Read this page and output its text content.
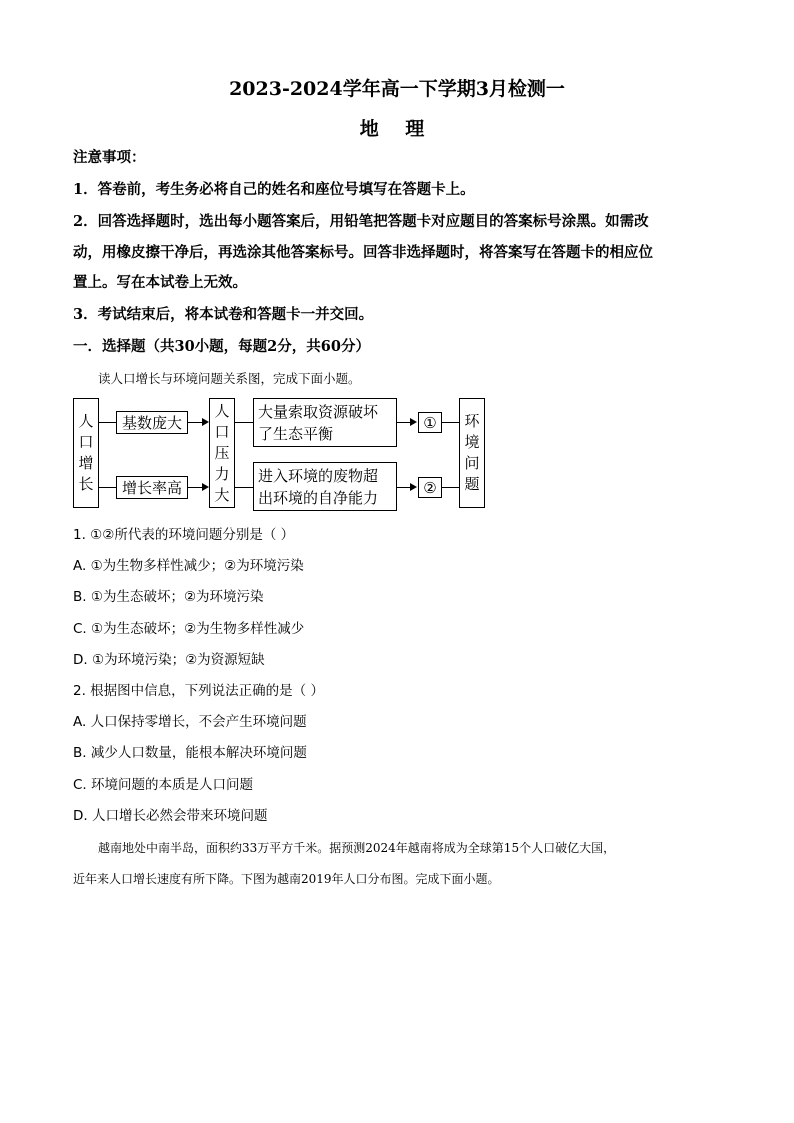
2023-2024学年高一下学期3月检测一
地 理
注意事项：
1．答卷前，考生务必将自己的姓名和座位号填写在答题卡上。
2．回答选择题时，选出每小题答案后，用铅笔把答题卡对应题目的答案标号涂黑。如需改
动，用橡皮擦干净后，再选涂其他答案标号。回答非选择题时，将答案写在答题卡的相应位
置上。写在本试卷上无效。
3．考试结束后，将本试卷和答题卡一并交回。
一．选择题（共30小题，每题2分，共60分）
读人口增长与环境问题关系图，完成下面小题。
人
口
增
长
基数庞大
增长率高
人
口
压
力
大
大量索取资源破坏
了生态平衡
进入环境的废物超
出环境的自净能力
①
②
环
境
问
题
1. ①②所代表的环境问题分别是（ ）
A. ①为生物多样性减少；②为环境污染
B. ①为生态破坏；②为环境污染
C. ①为生态破坏；②为生物多样性减少
D. ①为环境污染；②为资源短缺
2. 根据图中信息，下列说法正确的是（ ）
A. 人口保持零增长，不会产生环境问题
B. 减少人口数量，能根本解决环境问题
C. 环境问题的本质是人口问题
D. 人口增长必然会带来环境问题
越南地处中南半岛，面积约33万平方千米。据预测2024年越南将成为全球第15个人口破亿大国，
近年来人口增长速度有所下降。下图为越南2019年人口分布图。完成下面小题。
